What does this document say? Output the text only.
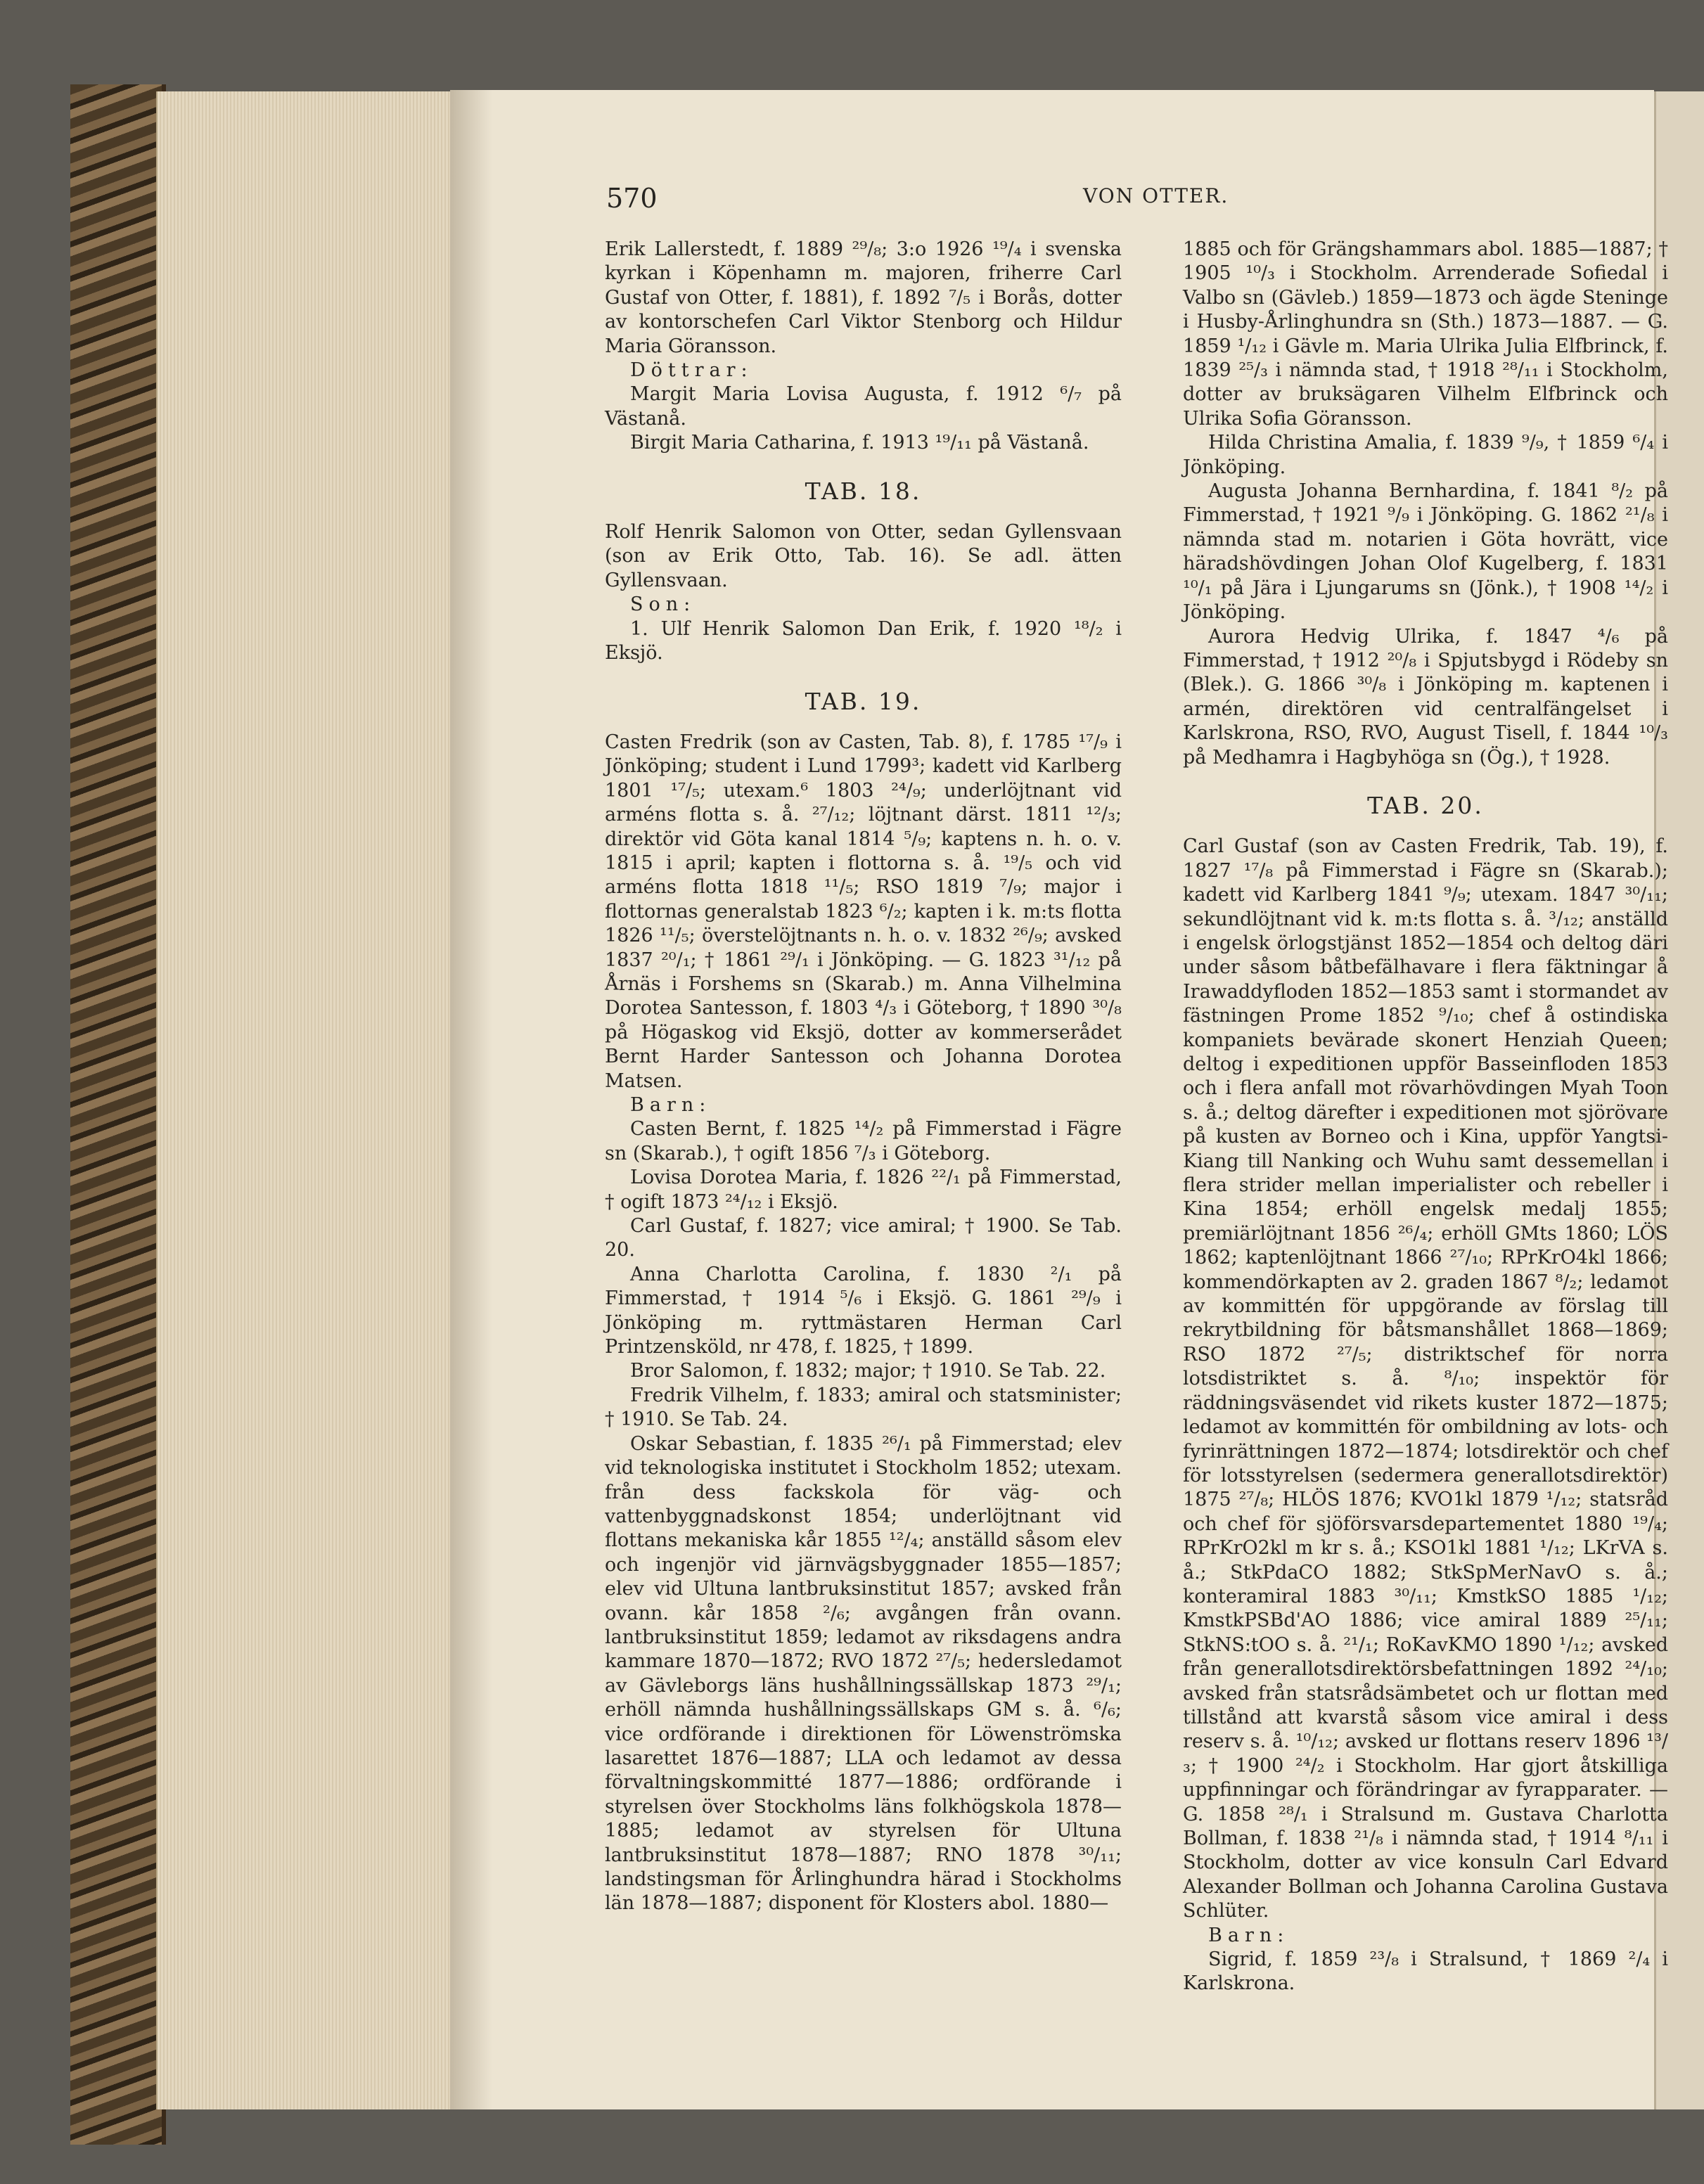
570	VON OTTER.

Erik Lallerstedt, f. 1889 ²⁹/₈; 3:o 1926 ¹⁹/₄ i svenska kyrkan i Köpenhamn m. majoren, friherre Carl Gustaf von Otter, f. 1881), f. 1892 ⁷/₅ i Borås, dotter av kontorschefen Carl Viktor Stenborg och Hildur Maria Göransson.

Döttrar:

Margit Maria Lovisa Augusta, f. 1912 ⁶/₇ på Västanå.

Birgit Maria Catharina, f. 1913 ¹⁹/₁₁ på Västanå.

TAB. 18.

Rolf Henrik Salomon von Otter, sedan Gyllensvaan (son av Erik Otto, Tab. 16). Se adl. ätten Gyllensvaan.

Son:

1. Ulf Henrik Salomon Dan Erik, f. 1920 ¹⁸/₂ i Eksjö.

TAB. 19.

Casten Fredrik (son av Casten, Tab. 8), f. 1785 ¹⁷/₉ i Jönköping; student i Lund 1799³; kadett vid Karlberg 1801 ¹⁷/₅; utexam.⁶ 1803 ²⁴/₉; underlöjtnant vid arméns flotta s. å. ²⁷/₁₂; löjtnant därst. 1811 ¹²/₃; direktör vid Göta kanal 1814 ⁵/₉; kaptens n. h. o. v. 1815 i april; kapten i flottorna s. å. ¹⁹/₅ och vid arméns flotta 1818 ¹¹/₅; RSO 1819 ⁷/₉; major i flottornas generalstab 1823 ⁶/₂; kapten i k. m:ts flotta 1826 ¹¹/₅; överstelöjtnants n. h. o. v. 1832 ²⁶/₉; avsked 1837 ²⁰/₁; † 1861 ²⁹/₁ i Jönköping. — G. 1823 ³¹/₁₂ på Årnäs i Forshems sn (Skarab.) m. Anna Vilhelmina Dorotea Santesson, f. 1803 ⁴/₃ i Göteborg, † 1890 ³⁰/₈ på Högaskog vid Eksjö, dotter av kommerserådet Bernt Harder Santesson och Johanna Dorotea Matsen.

Barn:

Casten Bernt, f. 1825 ¹⁴/₂ på Fimmerstad i Fägre sn (Skarab.), † ogift 1856 ⁷/₃ i Göteborg.

Lovisa Dorotea Maria, f. 1826 ²²/₁ på Fimmerstad, † ogift 1873 ²⁴/₁₂ i Eksjö.

Carl Gustaf, f. 1827; vice amiral; † 1900. Se Tab. 20.

Anna Charlotta Carolina, f. 1830 ²/₁ på Fimmerstad, † 1914 ⁵/₆ i Eksjö. G. 1861 ²⁹/₉ i Jönköping m. ryttmästaren Herman Carl Printzensköld, nr 478, f. 1825, † 1899.

Bror Salomon, f. 1832; major; † 1910. Se Tab. 22.

Fredrik Vilhelm, f. 1833; amiral och statsminister; † 1910. Se Tab. 24.

Oskar Sebastian, f. 1835 ²⁶/₁ på Fimmerstad; elev vid teknologiska institutet i Stockholm 1852; utexam. från dess fackskola för väg- och vattenbyggnadskonst 1854; underlöjtnant vid flottans mekaniska kår 1855 ¹²/₄; anställd såsom elev och ingenjör vid järnvägsbyggnader 1855—1857; elev vid Ultuna lantbruksinstitut 1857; avsked från ovann. kår 1858 ²/₆; avgången från ovann. lantbruksinstitut 1859; ledamot av riksdagens andra kammare 1870—1872; RVO 1872 ²⁷/₅; hedersledamot av Gävleborgs läns hushållningssällskap 1873 ²⁹/₁; erhöll nämnda hushållningssällskaps GM s. å. ⁶/₆; vice ordförande i direktionen för Löwenströmska lasarettet 1876—1887; LLA och ledamot av dessa förvaltningskommitté 1877—1886; ordförande i styrelsen över Stockholms läns folkhögskola 1878—1885; ledamot av styrelsen för Ultuna lantbruksinstitut 1878—1887; RNO 1878 ³⁰/₁₁; landstingsman för Årlinghundra härad i Stockholms län 1878—1887; disponent för Klosters abol. 1880—

1885 och för Grängshammars abol. 1885—1887; † 1905 ¹⁰/₃ i Stockholm. Arrenderade Sofiedal i Valbo sn (Gävleb.) 1859—1873 och ägde Steninge i Husby-Årlinghundra sn (Sth.) 1873—1887. — G. 1859 ¹/₁₂ i Gävle m. Maria Ulrika Julia Elfbrinck, f. 1839 ²⁵/₃ i nämnda stad, † 1918 ²⁸/₁₁ i Stockholm, dotter av bruksägaren Vilhelm Elfbrinck och Ulrika Sofia Göransson.

Hilda Christina Amalia, f. 1839 ⁹/₉, † 1859 ⁶/₄ i Jönköping.

Augusta Johanna Bernhardina, f. 1841 ⁸/₂ på Fimmerstad, † 1921 ⁹/₉ i Jönköping. G. 1862 ²¹/₈ i nämnda stad m. notarien i Göta hovrätt, vice häradshövdingen Johan Olof Kugelberg, f. 1831 ¹⁰/₁ på Jära i Ljungarums sn (Jönk.), † 1908 ¹⁴/₂ i Jönköping.

Aurora Hedvig Ulrika, f. 1847 ⁴/₆ på Fimmerstad, † 1912 ²⁰/₈ i Spjutsbygd i Rödeby sn (Blek.). G. 1866 ³⁰/₈ i Jönköping m. kaptenen i armén, direktören vid centralfängelset i Karlskrona, RSO, RVO, August Tisell, f. 1844 ¹⁰/₃ på Medhamra i Hagbyhöga sn (Ög.), † 1928.

TAB. 20.

Carl Gustaf (son av Casten Fredrik, Tab. 19), f. 1827 ¹⁷/₈ på Fimmerstad i Fägre sn (Skarab.); kadett vid Karlberg 1841 ⁹/₉; utexam. 1847 ³⁰/₁₁; sekundlöjtnant vid k. m:ts flotta s. å. ³/₁₂; anställd i engelsk örlogstjänst 1852—1854 och deltog däri under såsom båtbefälhavare i flera fäktningar å Irawaddyfloden 1852—1853 samt i stormandet av fästningen Prome 1852 ⁹/₁₀; chef å ostindiska kompaniets bevärade skonert Henziah Queen; deltog i expeditionen uppför Basseinfloden 1853 och i flera anfall mot rövarhövdingen Myah Toon s. å.; deltog därefter i expeditionen mot sjörövare på kusten av Borneo och i Kina, uppför Yangtsi-Kiang till Nanking och Wuhu samt dessemellan i flera strider mellan imperialister och rebeller i Kina 1854; erhöll engelsk medalj 1855; premiärlöjtnant 1856 ²⁶/₄; erhöll GMts 1860; LÖS 1862; kaptenlöjtnant 1866 ²⁷/₁₀; RPrKrO4kl 1866; kommendörkapten av 2. graden 1867 ⁸/₂; ledamot av kommittén för uppgörande av förslag till rekrytbildning för båtsmanshållet 1868—1869; RSO 1872 ²⁷/₅; distriktschef för norra lotsdistriktet s. å. ⁸/₁₀; inspektör för räddningsväsendet vid rikets kuster 1872—1875; ledamot av kommittén för ombildning av lots- och fyrinrättningen 1872—1874; lotsdirektör och chef för lotsstyrelsen (sedermera generallotsdirektör) 1875 ²⁷/₈; HLÖS 1876; KVO1kl 1879 ¹/₁₂; statsråd och chef för sjöförsvarsdepartementet 1880 ¹⁹/₄; RPrKrO2kl m kr s. å.; KSO1kl 1881 ¹/₁₂; LKrVA s. å.; StkPdaCO 1882; StkSpMerNavO s. å.; konteramiral 1883 ³⁰/₁₁; KmstkSO 1885 ¹/₁₂; KmstkPSBd'AO 1886; vice amiral 1889 ²⁵/₁₁; StkNS:tOO s. å. ²¹/₁; RoKavKMO 1890 ¹/₁₂; avsked från generallotsdirektörsbefattningen 1892 ²⁴/₁₀; avsked från statsrådsämbetet och ur flottan med tillstånd att kvarstå såsom vice amiral i dess reserv s. å. ¹⁰/₁₂; avsked ur flottans reserv 1896 ¹³/₃; † 1900 ²⁴/₂ i Stockholm. Har gjort åtskilliga uppfinningar och förändringar av fyrapparater. — G. 1858 ²⁸/₁ i Stralsund m. Gustava Charlotta Bollman, f. 1838 ²¹/₈ i nämnda stad, † 1914 ⁸/₁₁ i Stockholm, dotter av vice konsuln Carl Edvard Alexander Bollman och Johanna Carolina Gustava Schlüter.

Barn:

Sigrid, f. 1859 ²³/₈ i Stralsund, † 1869 ²/₄ i Karlskrona.
